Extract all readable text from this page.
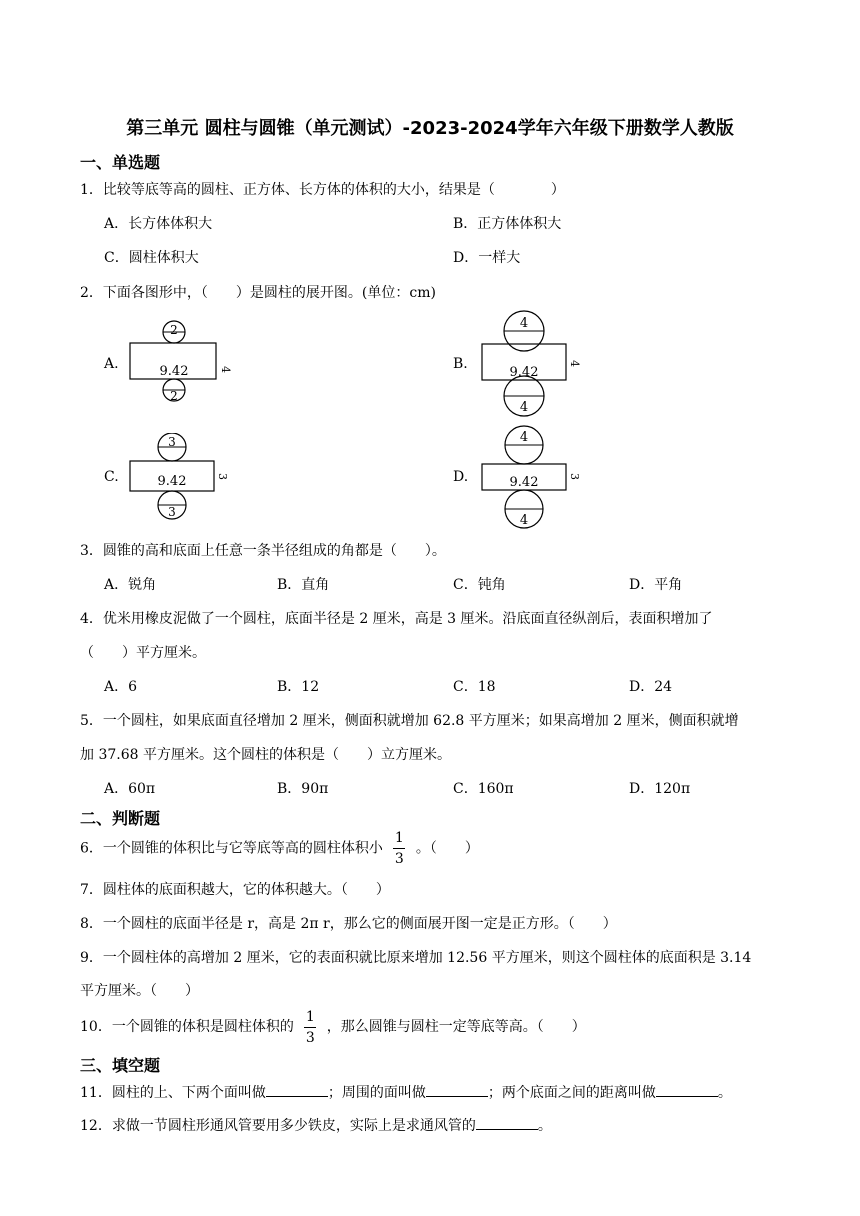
第三单元 圆柱与圆锥（单元测试）-2023-2024学年六年级下册数学人教版
一、单选题
1．比较等底等高的圆柱、正方体、长方体的体积的大小，结果是（　　　　）
A．长方体体积大	B．正方体体积大
C．圆柱体积大	D．一样大
2．下面各图形中，（　　）是圆柱的展开图。(单位：cm)
A.
2
9.42	4
2
B.
4
9.42
4
4
C.
3
9.42	3
3
D.
4
9.42	3
4
3．圆锥的高和底面上任意一条半径组成的角都是（　　）。
A．锐角	B．直角	C．钝角	D．平角
4．优米用橡皮泥做了一个圆柱，底面半径是 2 厘米，高是 3 厘米。沿底面直径纵剖后，表面积增加了
（　　）平方厘米。
A．6	B．12	C．18	D．24
5．一个圆柱，如果底面直径增加 2 厘米，侧面积就增加 62.8 平方厘米；如果高增加 2 厘米，侧面积就增
加 37.68 平方厘米。这个圆柱的体积是（　　）立方厘米。
A．60π	B．90π	C．160π	D．120π
二、判断题
6．一个圆锥的体积比与它等底等高的圆柱体积小 $\frac{1}{3}$ 。（　　）
7．圆柱体的底面积越大，它的体积越大。（　　）
8．一个圆柱的底面半径是 r，高是 2π r，那么它的侧面展开图一定是正方形。（　　）
9．一个圆柱体的高增加 2 厘米，它的表面积就比原来增加 12.56 平方厘米，则这个圆柱体的底面积是 3.14
平方厘米。（　　）
10．一个圆锥的体积是圆柱体积的 $\frac{1}{3}$ ，那么圆锥与圆柱一定等底等高。（　　）
三、填空题
11．圆柱的上、下两个面叫做	；周围的面叫做	；两个底面之间的距离叫做	。
12．求做一节圆柱形通风管要用多少铁皮，实际上是求通风管的	。
